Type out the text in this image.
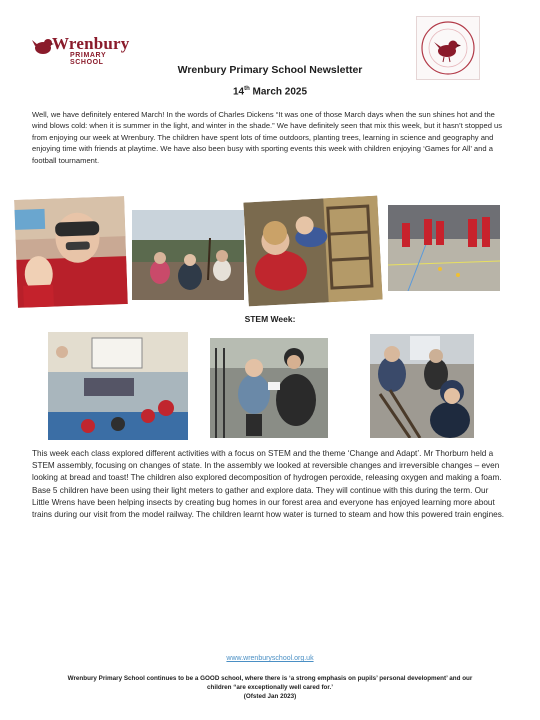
Wrenbury
PRIMARY SCHOOL
Wrenbury Primary School Newsletter
14th March 2025
Well, we have definitely entered March! In the words of Charles Dickens “It was one of those March days when the sun shines hot and the wind blows cold: when it is summer in the light, and winter in the shade.” We have definitely seen that mix this week, but it hasn’t stopped us from enjoying our week at Wrenbury. The children have spent lots of time outdoors, planting trees, learning in science and geography and enjoying time with friends at playtime. We have also been busy with sporting events this week with children enjoying ‘Games for All’ and a football tournament.
STEM Week:
This week each class explored different activities with a focus on STEM and the theme ‘Change and Adapt’. Mr Thorburn held a STEM assembly, focusing on changes of state. In the assembly we looked at reversible changes and irreversible changes – even looking at bread and toast! The children also explored decomposition of hydrogen peroxide, releasing oxygen and making a foam. Base 5 children have been using their light meters to gather and explore data. They will continue with this during the term. Our Little Wrens have been helping insects by creating bug homes in our forest area and everyone has enjoyed learning more about trains during our visit from the model railway. The children learnt how water is turned to steam and how this powered train engines.
www.wrenburyschool.org.uk
Wrenbury Primary School continues to be a GOOD school, where there is ‘a strong emphasis on pupils’ personal development’ and our
children “are exceptionally well cared for.’
(Ofsted Jan 2023)
